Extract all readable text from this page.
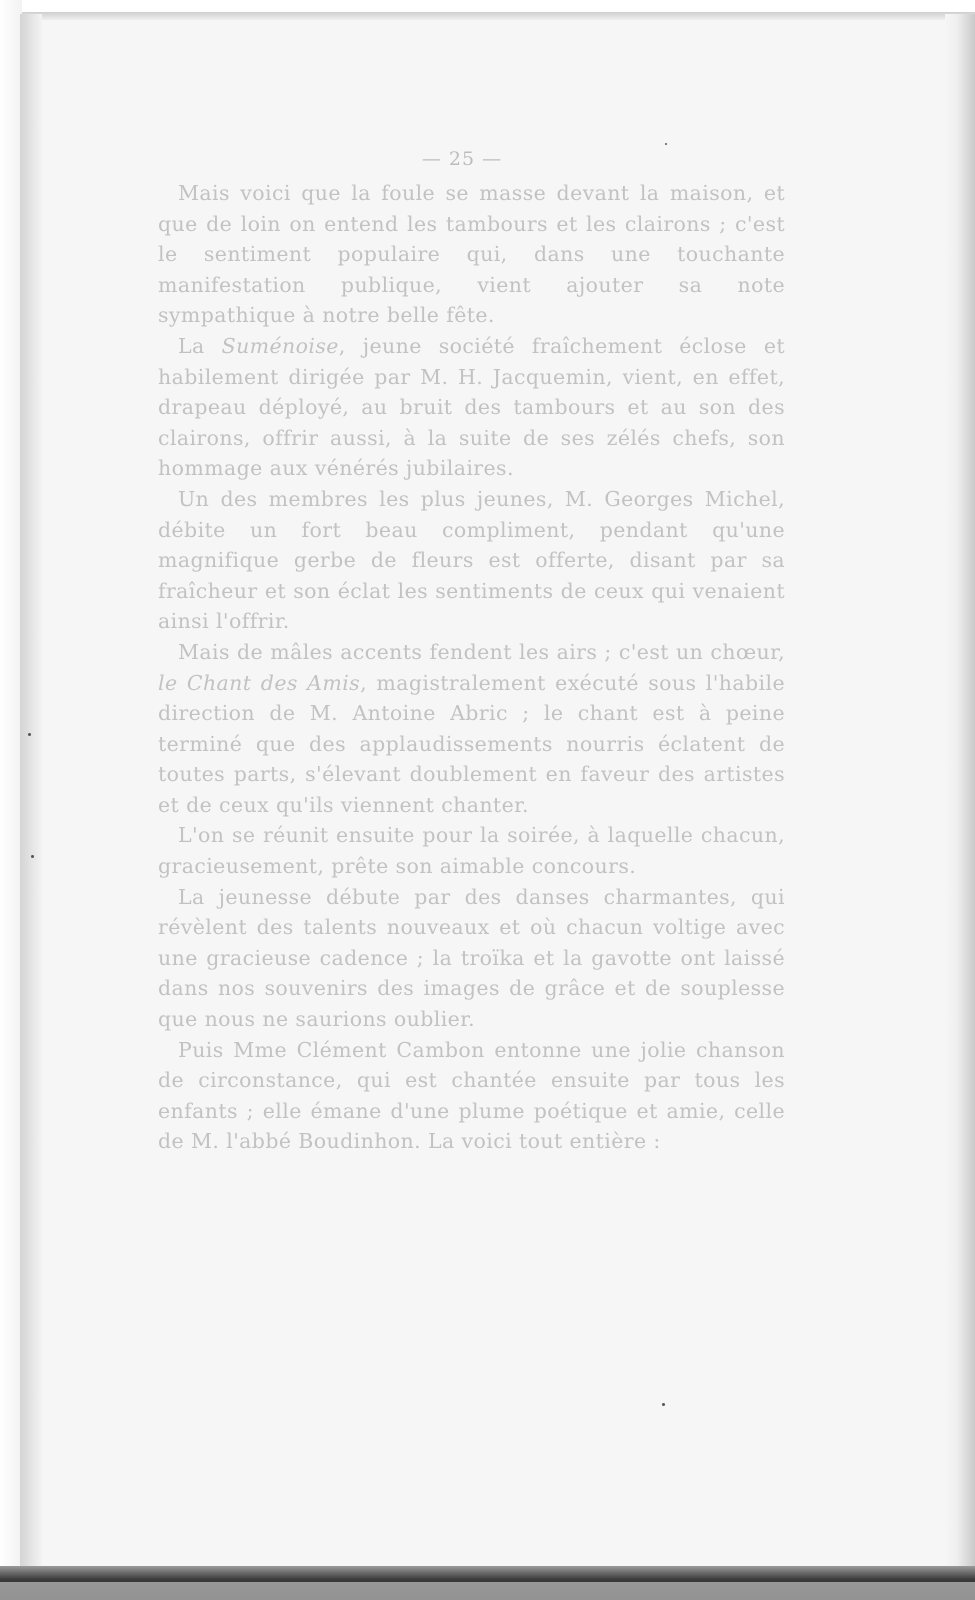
— 25 —

Mais voici que la foule se masse devant la maison, et que de loin on entend les tambours et les clairons ; c'est le sentiment populaire qui, dans une touchante manifestation publique, vient ajouter sa note sympathique à notre belle fête.

La Suménoise, jeune société fraîchement éclose et habilement dirigée par M. H. Jacquemin, vient, en effet, drapeau déployé, au bruit des tambours et au son des clairons, offrir aussi, à la suite de ses zélés chefs, son hommage aux vénérés jubilaires.

Un des membres les plus jeunes, M. Georges Michel, débite un fort beau compliment, pendant qu'une magnifique gerbe de fleurs est offerte, disant par sa fraîcheur et son éclat les sentiments de ceux qui venaient ainsi l'offrir.

Mais de mâles accents fendent les airs ; c'est un chœur, le Chant des Amis, magistralement exécuté sous l'habile direction de M. Antoine Abric ; le chant est à peine terminé que des applaudissements nourris éclatent de toutes parts, s'élevant doublement en faveur des artistes et de ceux qu'ils viennent chanter.

L'on se réunit ensuite pour la soirée, à laquelle chacun, gracieusement, prête son aimable concours.

La jeunesse débute par des danses charmantes, qui révèlent des talents nouveaux et où chacun voltige avec une gracieuse cadence ; la troïka et la gavotte ont laissé dans nos souvenirs des images de grâce et de souplesse que nous ne saurions oublier.

Puis Mme Clément Cambon entonne une jolie chanson de circonstance, qui est chantée ensuite par tous les enfants ; elle émane d'une plume poétique et amie, celle de M. l'abbé Boudinhon. La voici tout entière :
